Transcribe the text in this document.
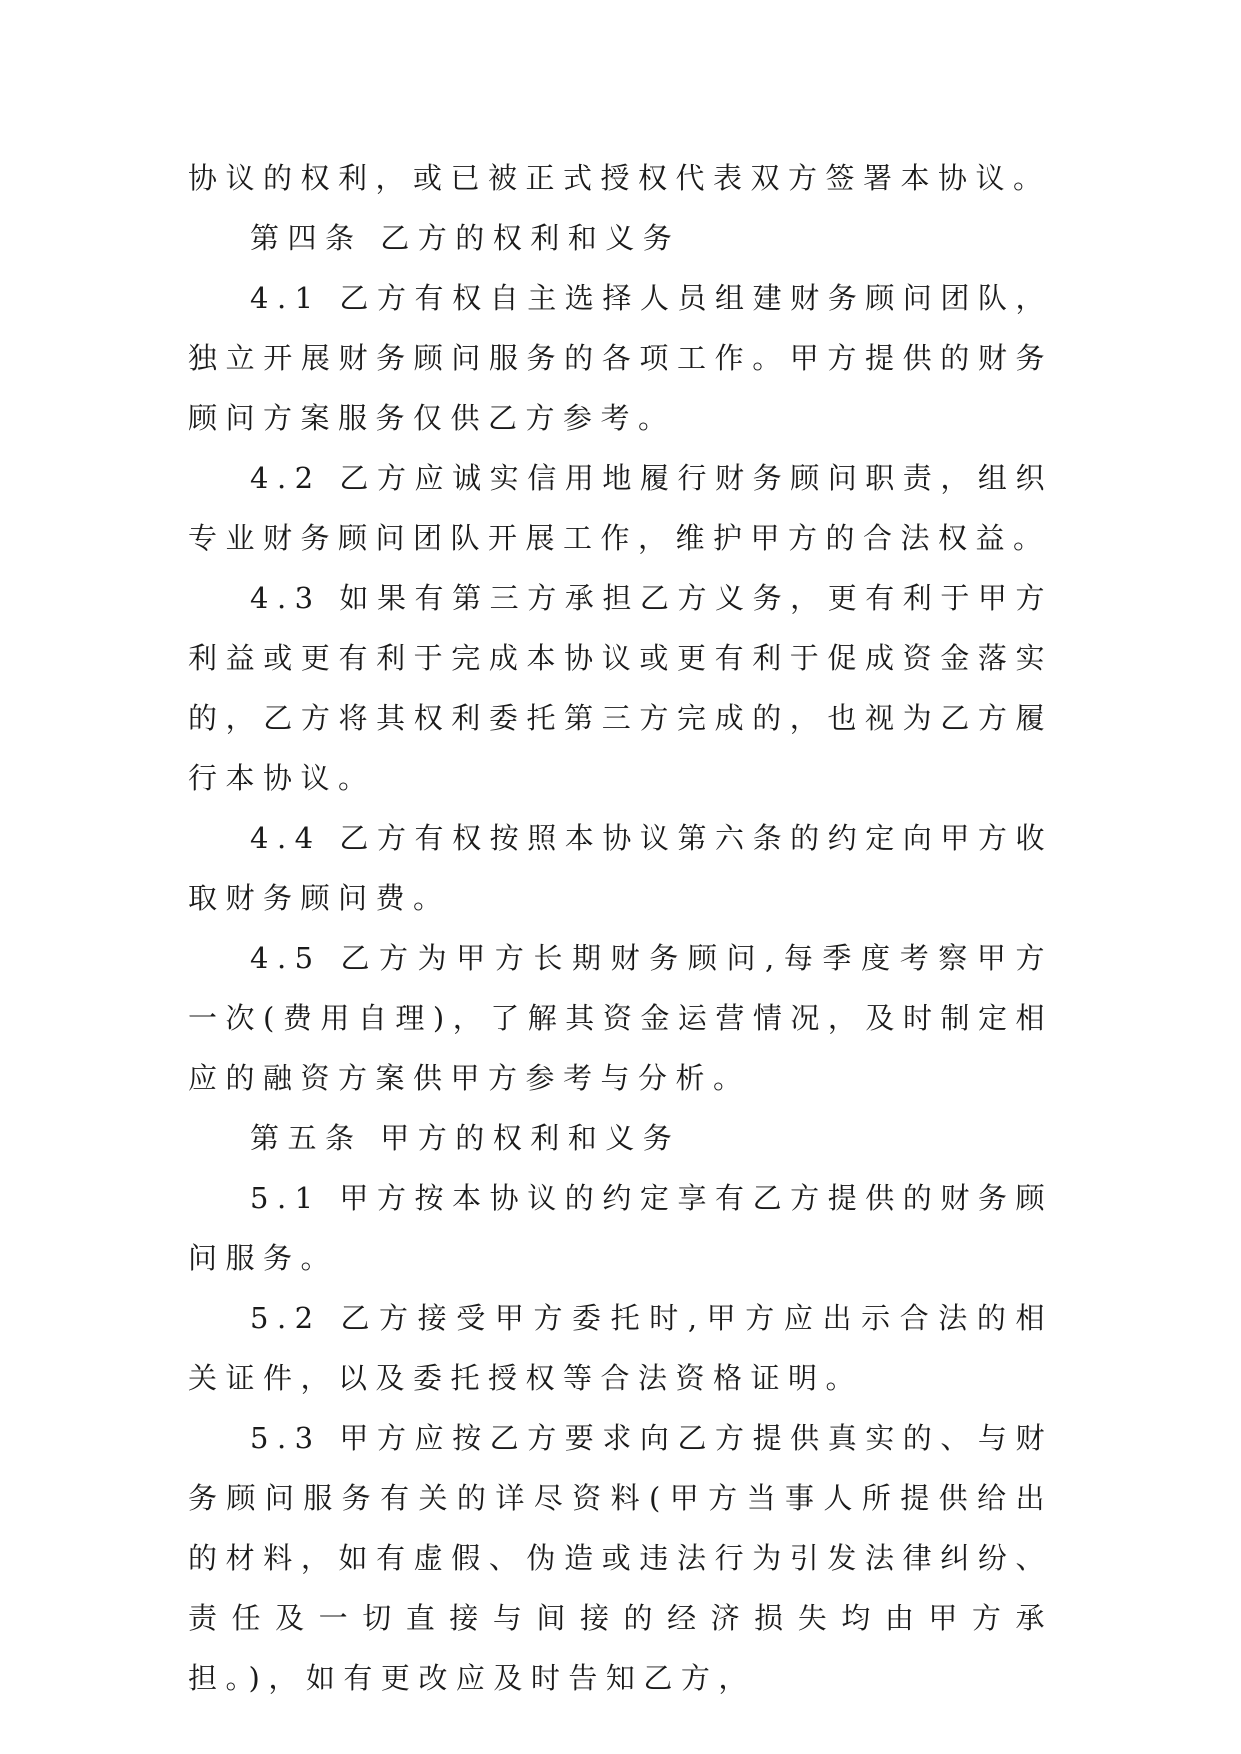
协议的权利，或已被正式授权代表双方签署本协议。

第四条 乙方的权利和义务

4.1 乙方有权自主选择人员组建财务顾问团队，独立开展财务顾问服务的各项工作。甲方提供的财务顾问方案服务仅供乙方参考。

4.2 乙方应诚实信用地履行财务顾问职责，组织专业财务顾问团队开展工作，维护甲方的合法权益。

4.3 如果有第三方承担乙方义务，更有利于甲方利益或更有利于完成本协议或更有利于促成资金落实的，乙方将其权利委托第三方完成的，也视为乙方履行本协议。

4.4 乙方有权按照本协议第六条的约定向甲方收取财务顾问费。

4.5 乙方为甲方长期财务顾问,每季度考察甲方一次(费用自理)，了解其资金运营情况，及时制定相应的融资方案供甲方参考与分析。

第五条 甲方的权利和义务

5.1 甲方按本协议的约定享有乙方提供的财务顾问服务。

5.2 乙方接受甲方委托时,甲方应出示合法的相关证件，以及委托授权等合法资格证明。

5.3 甲方应按乙方要求向乙方提供真实的、与财务顾问服务有关的详尽资料(甲方当事人所提供给出的材料，如有虚假、伪造或违法行为引发法律纠纷、责任及一切直接与间接的经济损失均由甲方承担。)，如有更改应及时告知乙方，
